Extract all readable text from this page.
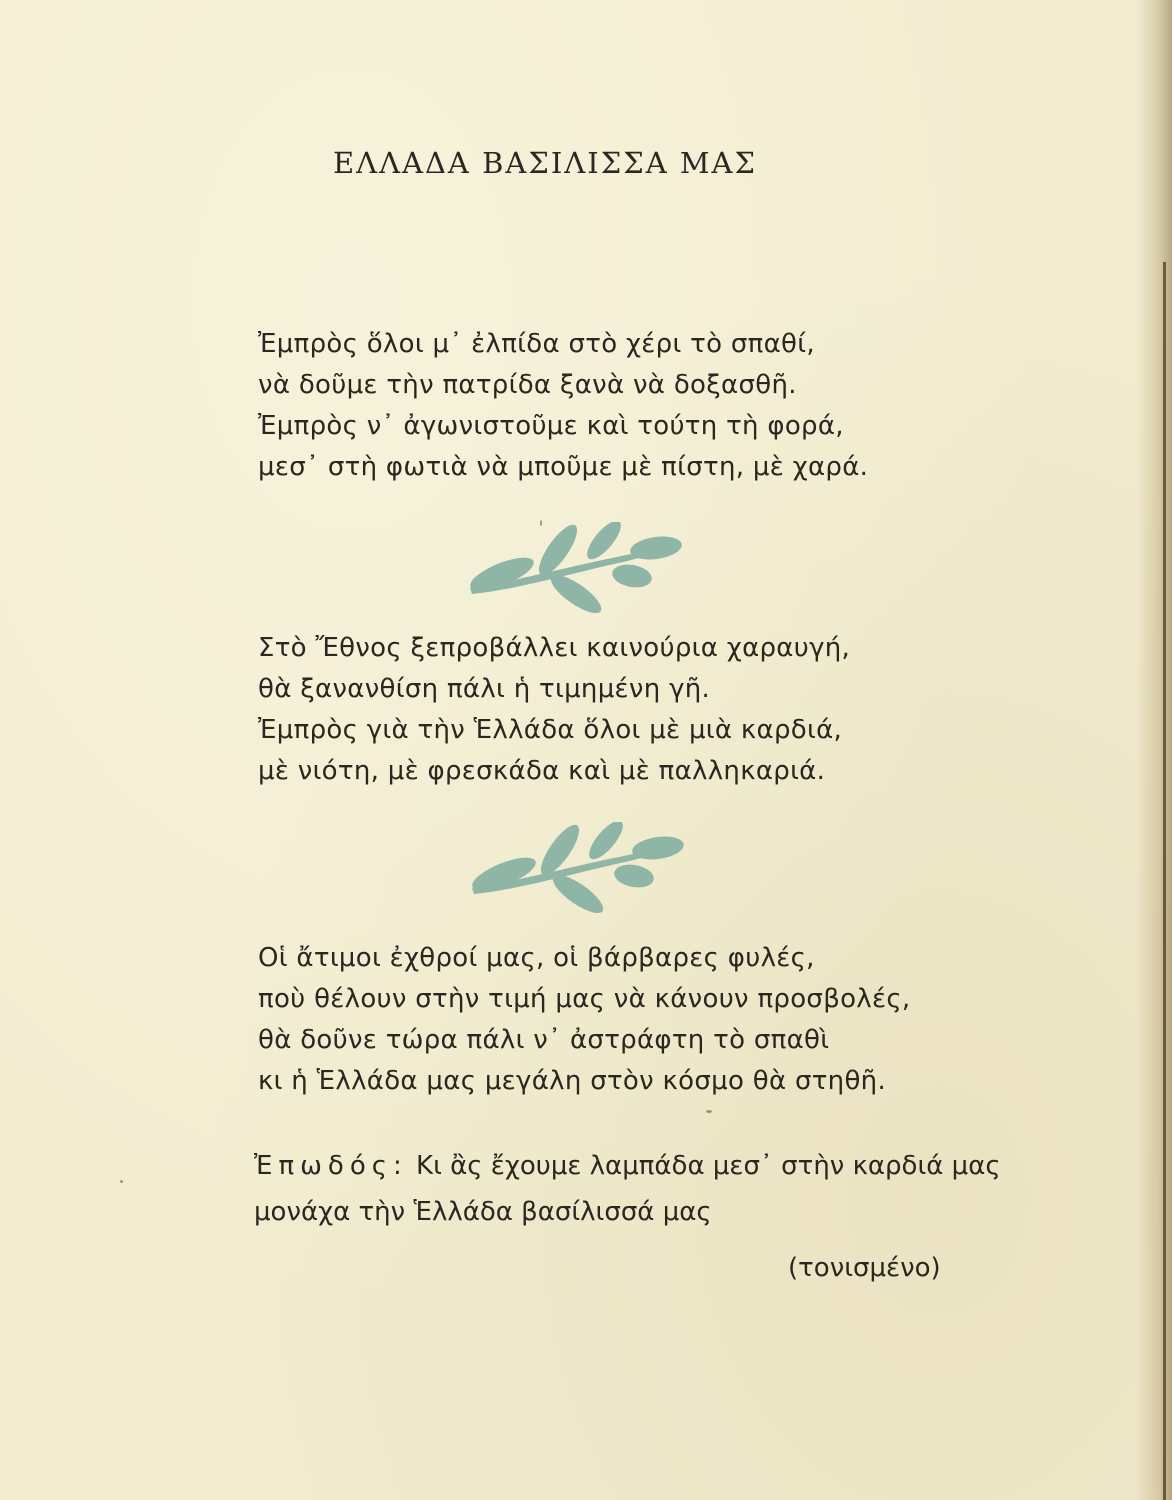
ΕΛΛΑΔΑ ΒΑΣΙΛΙΣΣΑ ΜΑΣ
Ἐμπρὸς ὅλοι μ᾽ ἐλπίδα στὸ χέρι τὸ σπαθί,
νὰ δοῦμε τὴν πατρίδα ξανὰ νὰ δοξασθῆ.
Ἐμπρὸς ν᾽ ἀγωνιστοῦμε καὶ τούτη τὴ φορά,
μεσ᾽ στὴ φωτιὰ νὰ μποῦμε μὲ πίστη, μὲ χαρά.
Στὸ Ἔθνος ξεπροβάλλει καινούρια χαραυγή,
θὰ ξανανθίση πάλι ἡ τιμημένη γῆ.
Ἐμπρὸς γιὰ τὴν Ἑλλάδα ὅλοι μὲ μιὰ καρδιά,
μὲ νιότη, μὲ φρεσκάδα καὶ μὲ παλληκαριά.
Οἱ ἄτιμοι ἐχθροί μας, οἱ βάρβαρες φυλές,
ποὺ θέλουν στὴν τιμή μας νὰ κάνουν προσβολές,
θὰ δοῦνε τώρα πάλι ν᾽ ἀστράφτη τὸ σπαθὶ
κι ἡ Ἑλλάδα μας μεγάλη στὸν κόσμο θὰ στηθῆ.
Ἐπωδός: Κι ἂς ἔχουμε λαμπάδα μεσ᾽ στὴν καρδιά μας
μονάχα τὴν Ἑλλάδα βασίλισσά μας
(τονισμένο)
